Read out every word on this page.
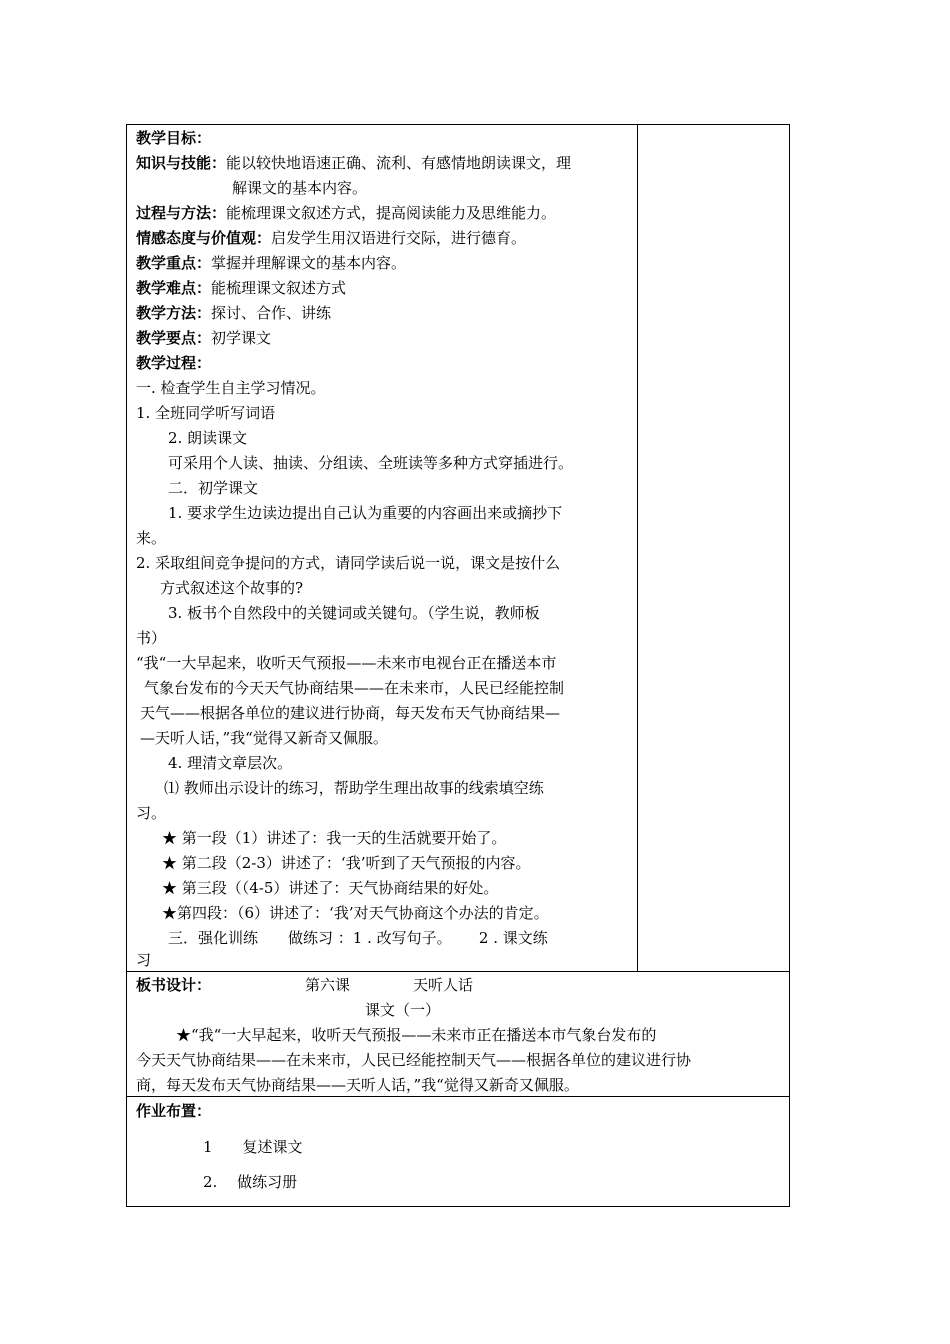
教学目标：
知识与技能：能以较快地语速正确、流利、有感情地朗读课文，理
解课文的基本内容。
过程与方法：能梳理课文叙述方式，提高阅读能力及思维能力。
情感态度与价值观：启发学生用汉语进行交际，进行德育。
教学重点：掌握并理解课文的基本内容。
教学难点：能梳理课文叙述方式
教学方法：探讨、合作、讲练
教学要点：初学课文
教学过程：
一. 检查学生自主学习情况。
1. 全班同学听写词语
2. 朗读课文
可采用个人读、抽读、分组读、全班读等多种方式穿插进行。
二．初学课文
1. 要求学生边读边提出自己认为重要的内容画出来或摘抄下
来。
2. 采取组间竞争提问的方式，请同学读后说一说，课文是按什么
方式叙述这个故事的?
3. 板书个自然段中的关键词或关键句。（学生说，教师板
书）
“我“一大早起来，收听天气预报——未来市电视台正在播送本市
气象台发布的今天天气协商结果——在未来市，人民已经能控制
天气——根据各单位的建议进行协商，每天发布天气协商结果—
—天听人话，”我“觉得又新奇又佩服。
4. 理清文章层次。
⑴ 教师出示设计的练习，帮助学生理出故事的线索填空练
习。
★ 第一段（1）讲述了：我一天的生活就要开始了。
★ 第二段（2-3）讲述了：‘我’听到了天气预报的内容。
★ 第三段（（4-5）讲述了：天气协商结果的好处。
★第四段：（6）讲述了：‘我’对天气协商这个办法的肯定。
三．强化训练　　做练习 ：1 . 改写句子。　　 2 . 课文练
习
板书设计：	第六课	天听人话
课文（一）
★“我“一大早起来，收听天气预报——未来市正在播送本市气象台发布的
今天天气协商结果——在未来市，人民已经能控制天气——根据各单位的建议进行协
商，每天发布天气协商结果——天听人话，”我“觉得又新奇又佩服。
作业布置：
1　　复述课文
2.　 做练习册
